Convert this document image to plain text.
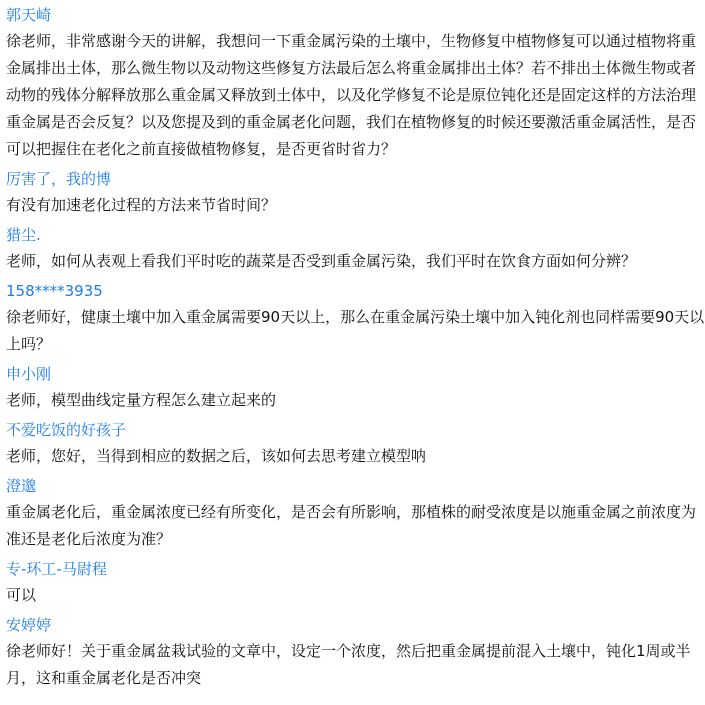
郭天崎
徐老师，非常感谢今天的讲解，我想问一下重金属污染的土壤中，生物修复中植物修复可以通过植物将重金属排出土体，那么微生物以及动物这些修复方法最后怎么将重金属排出土体？若不排出土体微生物或者动物的残体分解释放那么重金属又释放到土体中，以及化学修复不论是原位钝化还是固定这样的方法治理重金属是否会反复？以及您提及到的重金属老化问题，我们在植物修复的时候还要激活重金属活性，是否可以把握住在老化之前直接做植物修复，是否更省时省力？
厉害了，我的博
有没有加速老化过程的方法来节省时间？
猎尘.
老师，如何从表观上看我们平时吃的蔬菜是否受到重金属污染，我们平时在饮食方面如何分辨？
158****3935
徐老师好，健康土壤中加入重金属需要90天以上，那么在重金属污染土壤中加入钝化剂也同样需要90天以上吗？
申小刚
老师，模型曲线定量方程怎么建立起来的
不爱吃饭的好孩子
老师，您好，当得到相应的数据之后，该如何去思考建立模型呐
澄邈
重金属老化后，重金属浓度已经有所变化，是否会有所影响，那植株的耐受浓度是以施重金属之前浓度为准还是老化后浓度为准？
专-环工-马尉程
可以
安婷婷
徐老师好！关于重金属盆栽试验的文章中，设定一个浓度，然后把重金属提前混入土壤中，钝化1周或半月，这和重金属老化是否冲突
